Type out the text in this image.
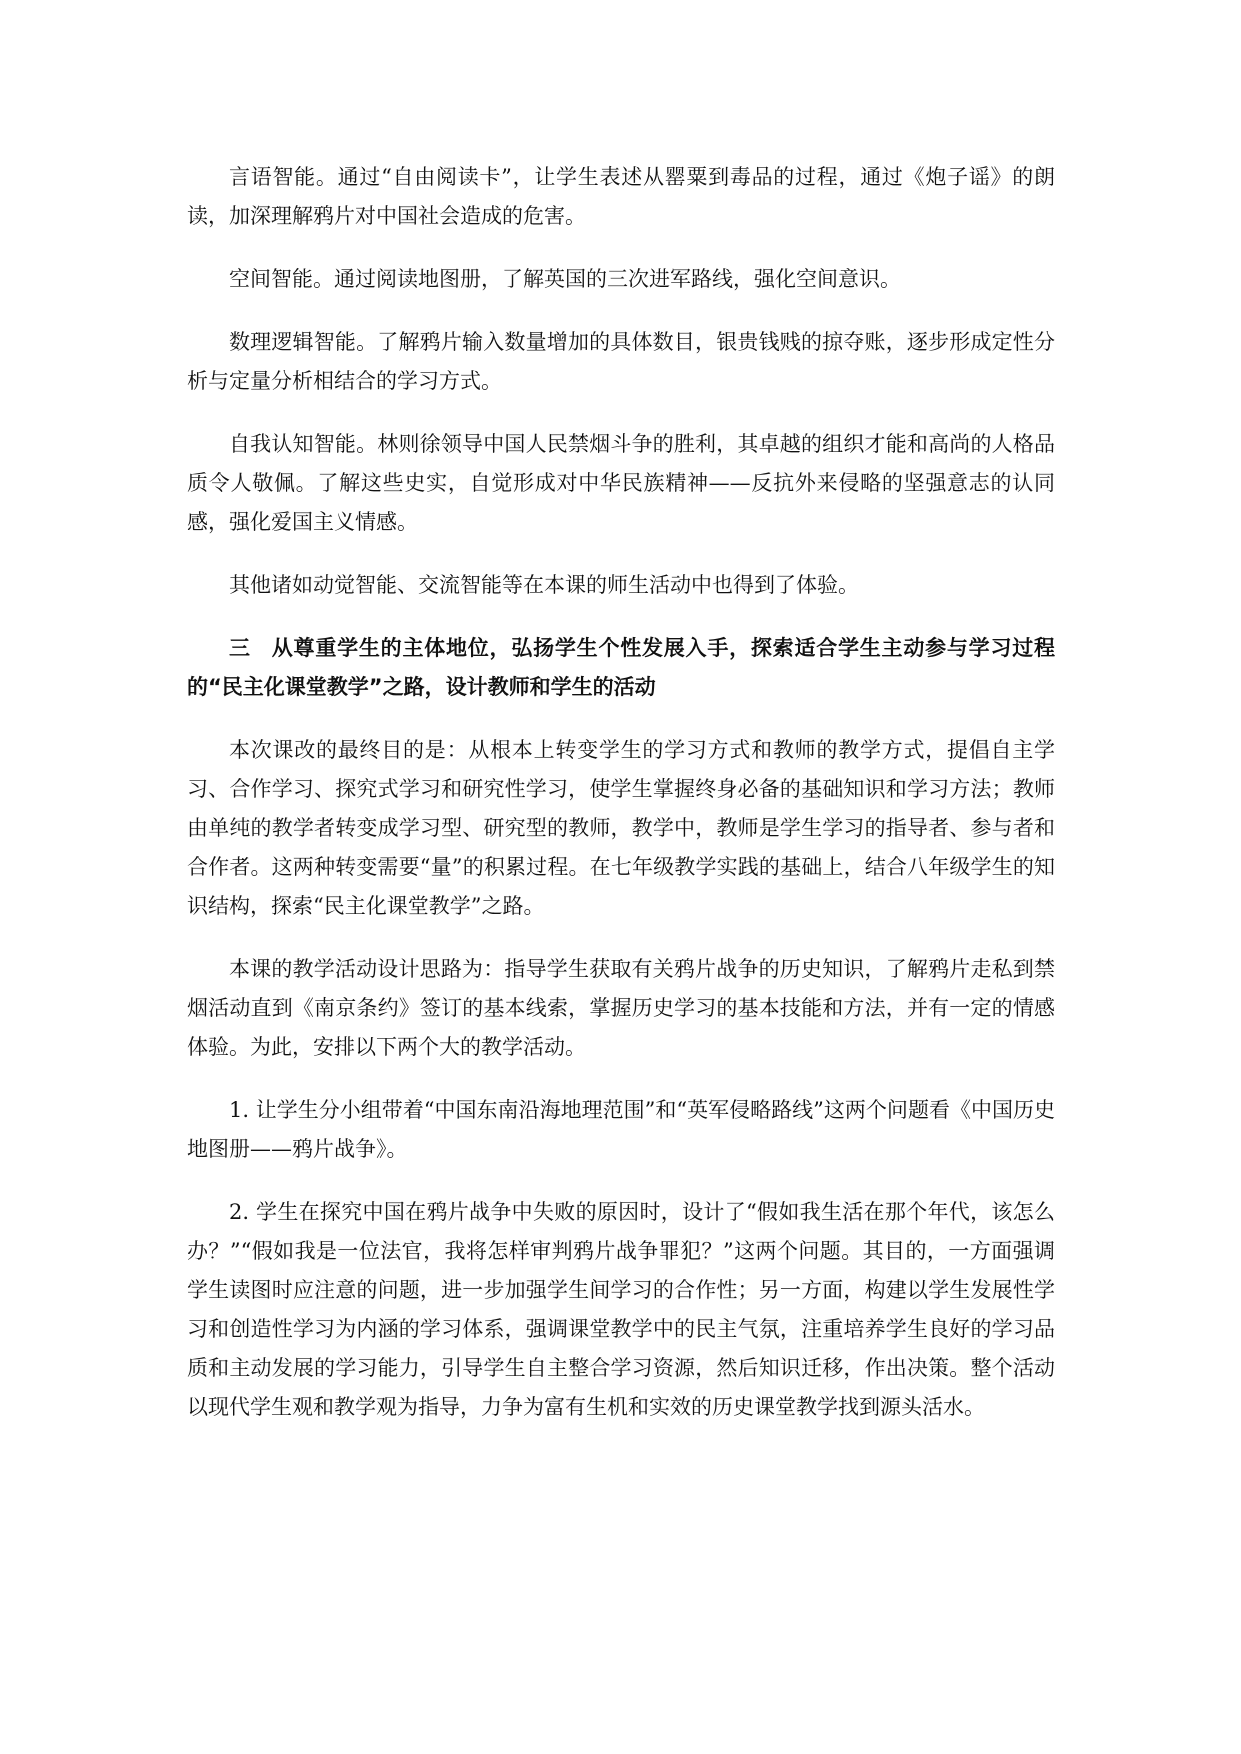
言语智能。通过“自由阅读卡”，让学生表述从罂粟到毒品的过程，通过《炮子谣》的朗读，加深理解鸦片对中国社会造成的危害。

空间智能。通过阅读地图册，了解英国的三次进军路线，强化空间意识。

数理逻辑智能。了解鸦片输入数量增加的具体数目，银贵钱贱的掠夺账，逐步形成定性分析与定量分析相结合的学习方式。

自我认知智能。林则徐领导中国人民禁烟斗争的胜利，其卓越的组织才能和高尚的人格品质令人敬佩。了解这些史实，自觉形成对中华民族精神——反抗外来侵略的坚强意志的认同感，强化爱国主义情感。

其他诸如动觉智能、交流智能等在本课的师生活动中也得到了体验。

三 从尊重学生的主体地位，弘扬学生个性发展入手，探索适合学生主动参与学习过程的“民主化课堂教学”之路，设计教师和学生的活动

本次课改的最终目的是：从根本上转变学生的学习方式和教师的教学方式，提倡自主学习、合作学习、探究式学习和研究性学习，使学生掌握终身必备的基础知识和学习方法；教师由单纯的教学者转变成学习型、研究型的教师，教学中，教师是学生学习的指导者、参与者和合作者。这两种转变需要“量”的积累过程。在七年级教学实践的基础上，结合八年级学生的知识结构，探索“民主化课堂教学”之路。

本课的教学活动设计思路为：指导学生获取有关鸦片战争的历史知识，了解鸦片走私到禁烟活动直到《南京条约》签订的基本线索，掌握历史学习的基本技能和方法，并有一定的情感体验。为此，安排以下两个大的教学活动。

1. 让学生分小组带着“中国东南沿海地理范围”和“英军侵略路线”这两个问题看《中国历史地图册——鸦片战争》。

2. 学生在探究中国在鸦片战争中失败的原因时，设计了“假如我生活在那个年代，该怎么办？”“假如我是一位法官，我将怎样审判鸦片战争罪犯？”这两个问题。其目的，一方面强调学生读图时应注意的问题，进一步加强学生间学习的合作性；另一方面，构建以学生发展性学习和创造性学习为内涵的学习体系，强调课堂教学中的民主气氛，注重培养学生良好的学习品质和主动发展的学习能力，引导学生自主整合学习资源，然后知识迁移，作出决策。整个活动以现代学生观和教学观为指导，力争为富有生机和实效的历史课堂教学找到源头活水。
